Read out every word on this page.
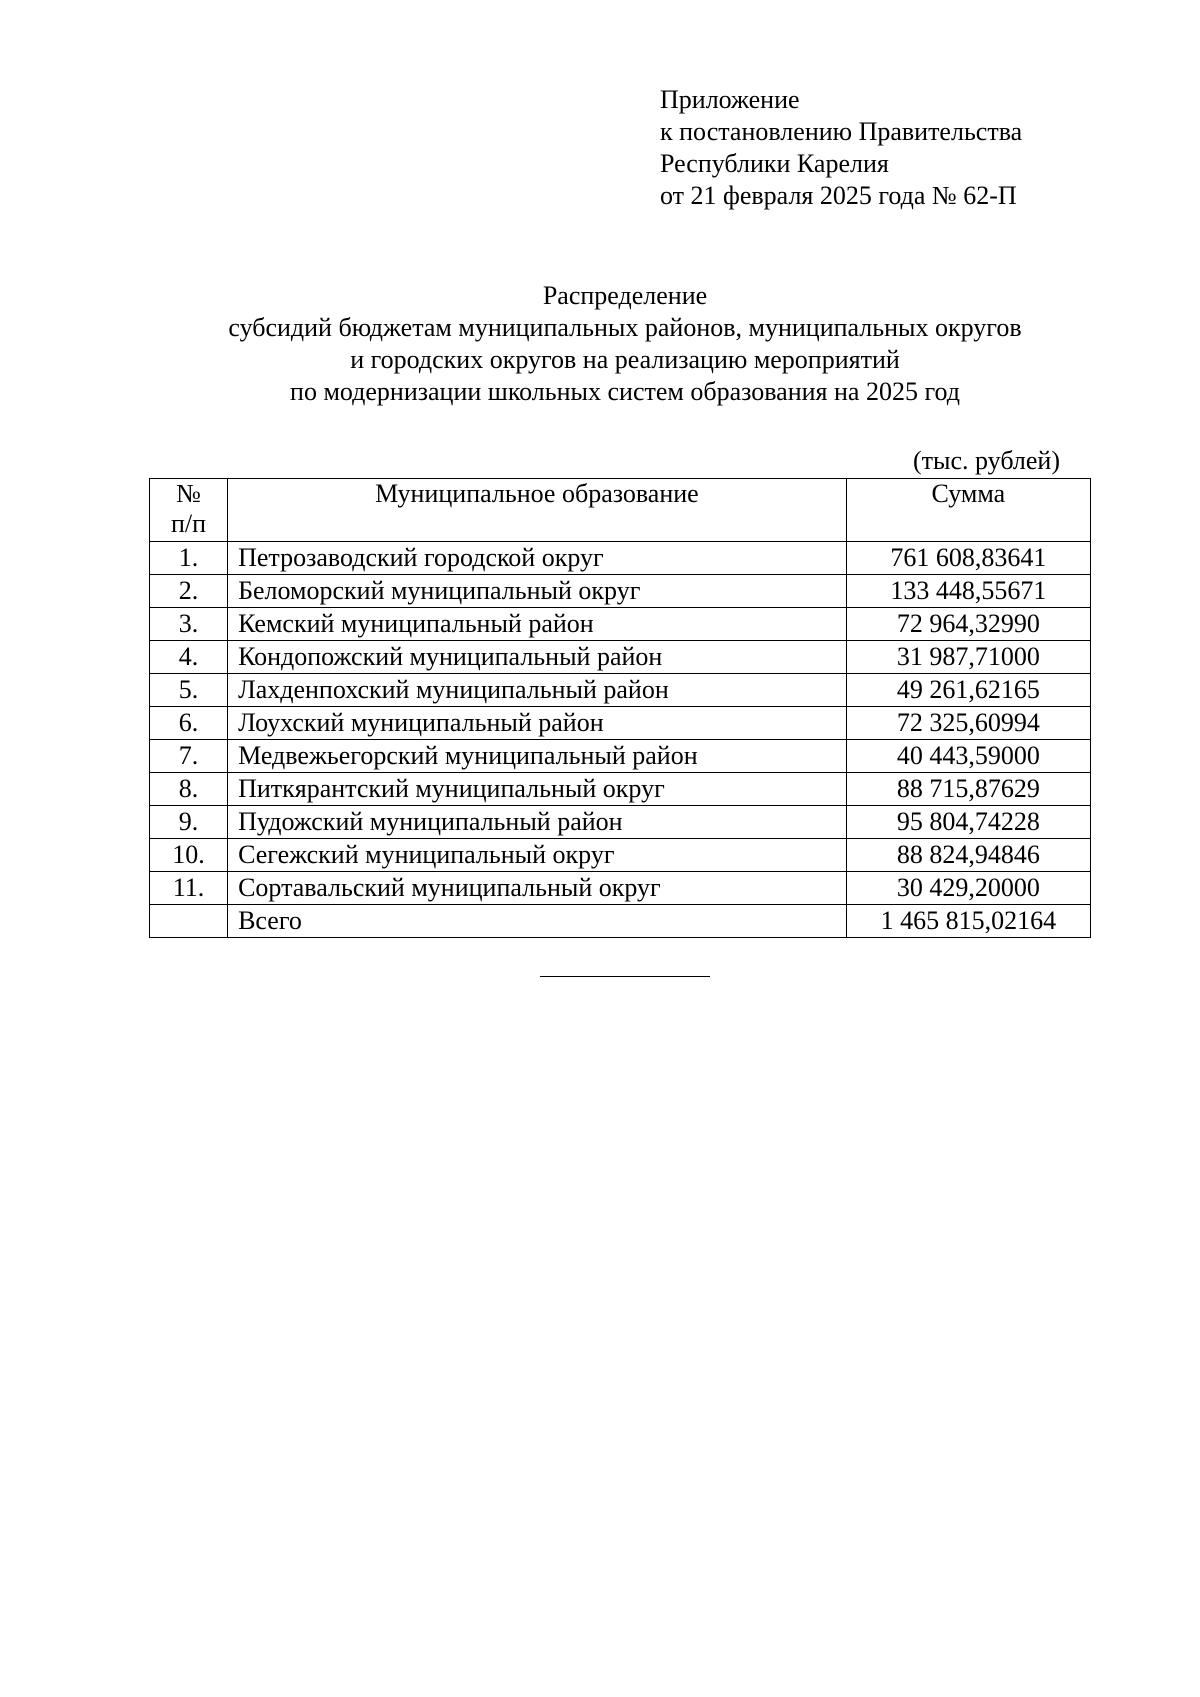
Приложение
к постановлению Правительства
Республики Карелия
от 21 февраля 2025 года № 62-П
Распределение
субсидий бюджетам муниципальных районов, муниципальных округов
и городских округов на реализацию мероприятий
по модернизации школьных систем образования на 2025 год
(тыс. рублей)
№
п/п	Муниципальное образование	Сумма
1.	Петрозаводский городской округ	761 608,83641
2.	Беломорский муниципальный округ	133 448,55671
3.	Кемский муниципальный район	72 964,32990
4.	Кондопожский муниципальный район	31 987,71000
5.	Лахденпохский муниципальный район	49 261,62165
6.	Лоухский муниципальный район	72 325,60994
7.	Медвежьегорский муниципальный район	40 443,59000
8.	Питкярантский муниципальный округ	88 715,87629
9.	Пудожский муниципальный район	95 804,74228
10.	Сегежский муниципальный округ	88 824,94846
11.	Сортавальский муниципальный округ	30 429,20000
	Всего	1 465 815,02164
